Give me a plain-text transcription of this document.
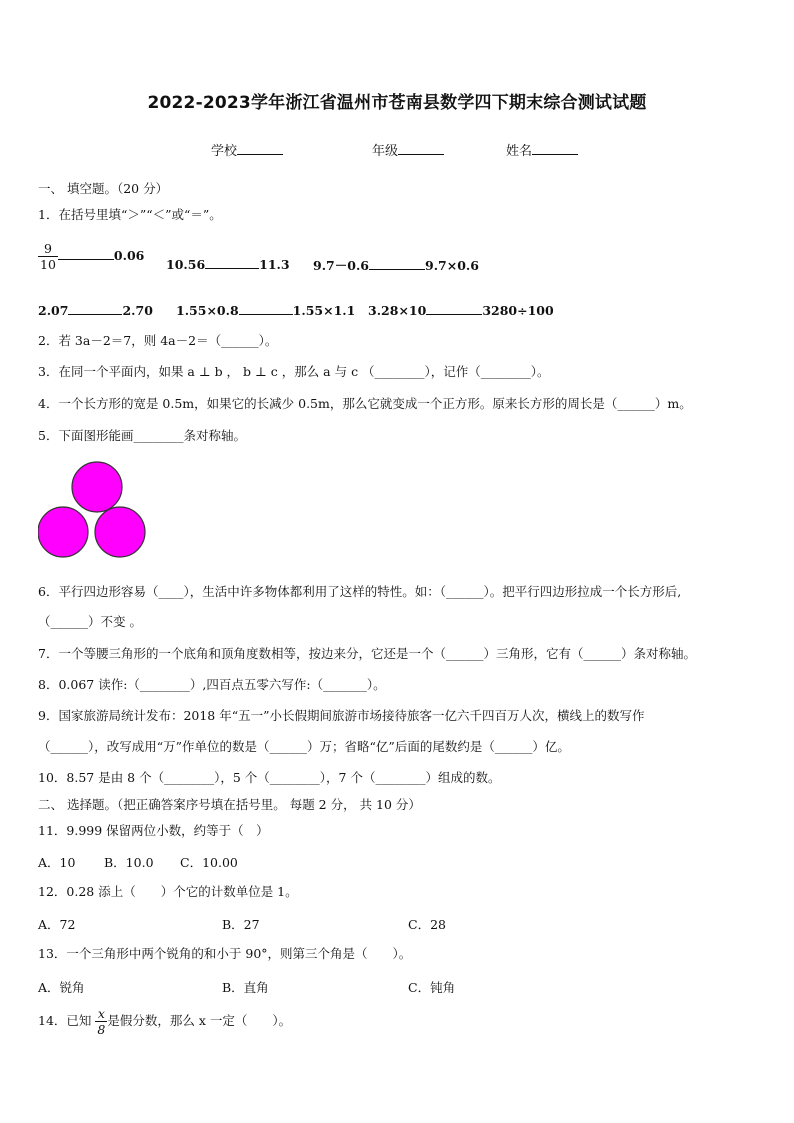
2022-2023学年浙江省温州市苍南县数学四下期末综合测试试题
学校	年级	姓名
一、 填空题。（20 分）
1．在括号里填“＞”“＜”或“＝”。
$\frac{9}{10}$	0.06
10.56	11.3 9.7－0.6	9.7×0.6
2.07	2.70 1.55×0.8	1.55×1.1 3.28×10	3280÷100
2．若 3a－2＝7，则 4a－2＝（______）。
3．在同一个平面内，如果 a ⊥ b ， b ⊥ c ，那么 a 与 c （________），记作（________）。
4．一个长方形的宽是 0.5m，如果它的长减少 0.5m，那么它就变成一个正方形。原来长方形的周长是（______）m。
5．下面图形能画________条对称轴。
6．平行四边形容易（____），生活中许多物体都利用了这样的特性。如：（______）。把平行四边形拉成一个长方形后,
（______）不变 。
7．一个等腰三角形的一个底角和顶角度数相等，按边来分，它还是一个（______）三角形，它有（______）条对称轴。
8．0.067 读作:（________）,四百点五零六写作:（_______）。
9．国家旅游局统计发布：2018 年“五一”小长假期间旅游市场接待旅客一亿六千四百万人次，横线上的数写作
（______），改写成用“万”作单位的数是（______）万；省略“亿”后面的尾数约是（______）亿。
10．8.57 是由 8 个（________），5 个（________），7 个（________）组成的数。
二、 选择题。（把正确答案序号填在括号里。 每题 2 分， 共 10 分）
11．9.999 保留两位小数，约等于（　）
A．10 B．10.0 C．10.00
12．0.28 添上（　　）个它的计数单位是 1。
A．72	B．27	C．28
13．一个三角形中两个锐角的和小于 90°，则第三个角是（　　）。
A．锐角	B．直角	C．钝角
14．已知 $\frac{x}{8}$ 是假分数，那么 x 一定（　　）。
